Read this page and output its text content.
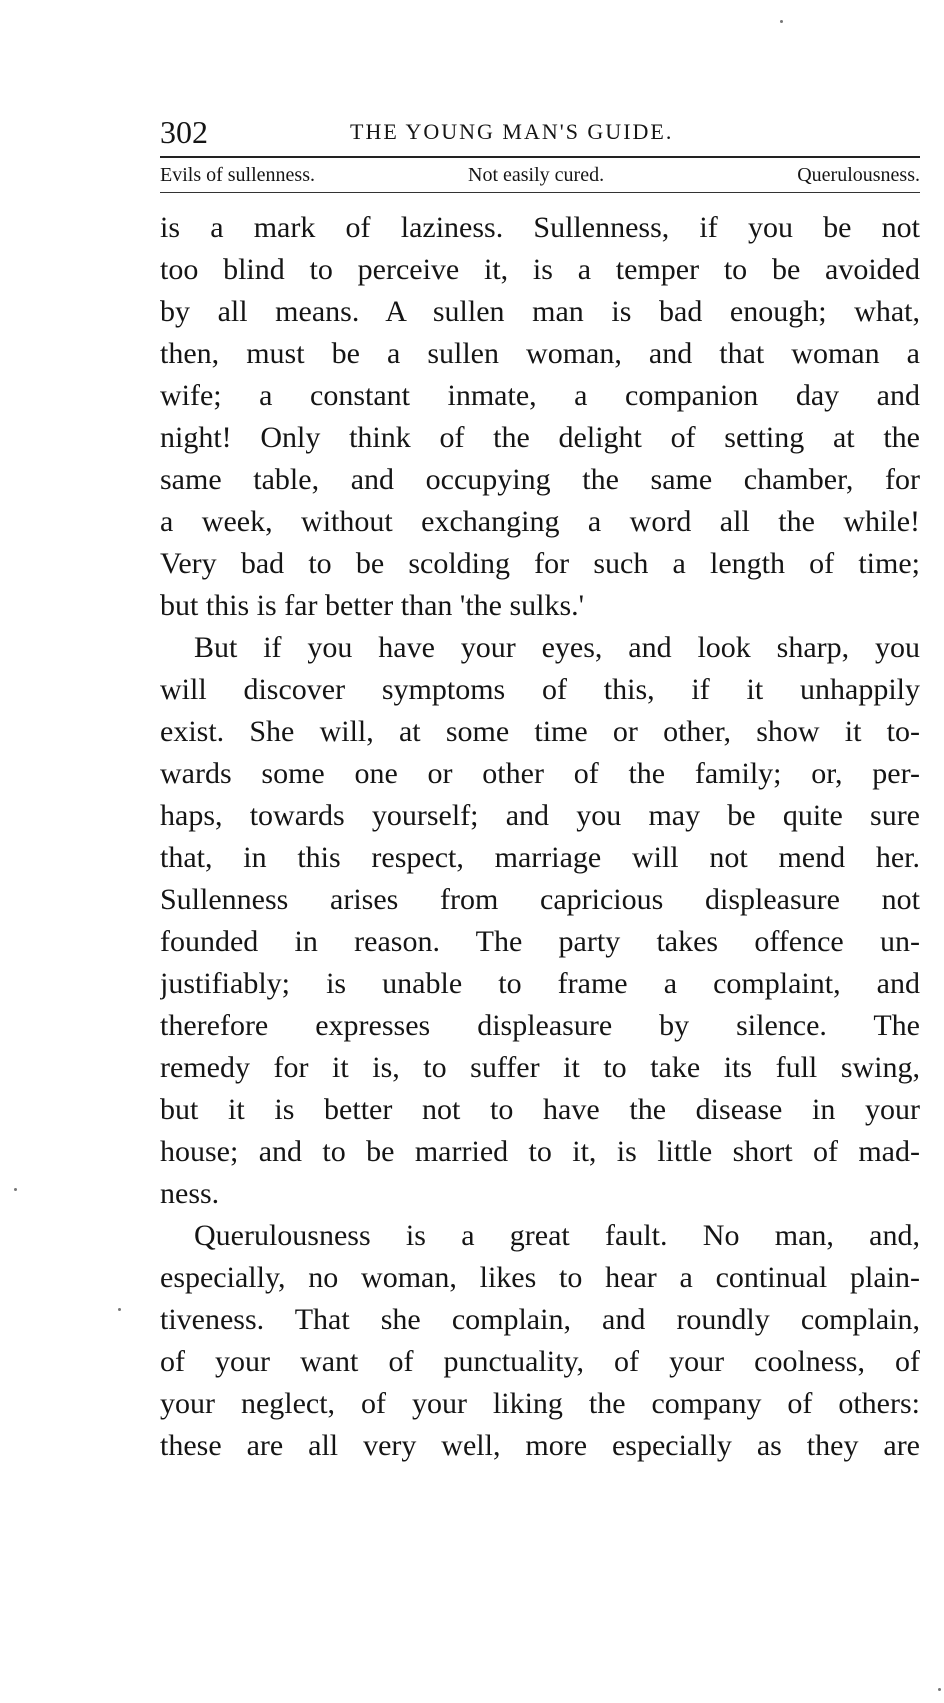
302	THE YOUNG MAN'S GUIDE.
Evils of sullenness.	Not easily cured.	Querulousness.
is a mark of laziness. Sullenness, if you be not
too blind to perceive it, is a temper to be avoided
by all means. A sullen man is bad enough; what,
then, must be a sullen woman, and that woman a
wife; a constant inmate, a companion day and
night! Only think of the delight of setting at the
same table, and occupying the same chamber, for
a week, without exchanging a word all the while!
Very bad to be scolding for such a length of time;
but this is far better than 'the sulks.'
But if you have your eyes, and look sharp, you
will discover symptoms of this, if it unhappily
exist. She will, at some time or other, show it to-
wards some one or other of the family; or, per-
haps, towards yourself; and you may be quite sure
that, in this respect, marriage will not mend her.
Sullenness arises from capricious displeasure not
founded in reason. The party takes offence un-
justifiably; is unable to frame a complaint, and
therefore expresses displeasure by silence. The
remedy for it is, to suffer it to take its full swing,
but it is better not to have the disease in your
house; and to be married to it, is little short of mad-
ness.
Querulousness is a great fault. No man, and,
especially, no woman, likes to hear a continual plain-
tiveness. That she complain, and roundly complain,
of your want of punctuality, of your coolness, of
your neglect, of your liking the company of others:
these are all very well, more especially as they are
